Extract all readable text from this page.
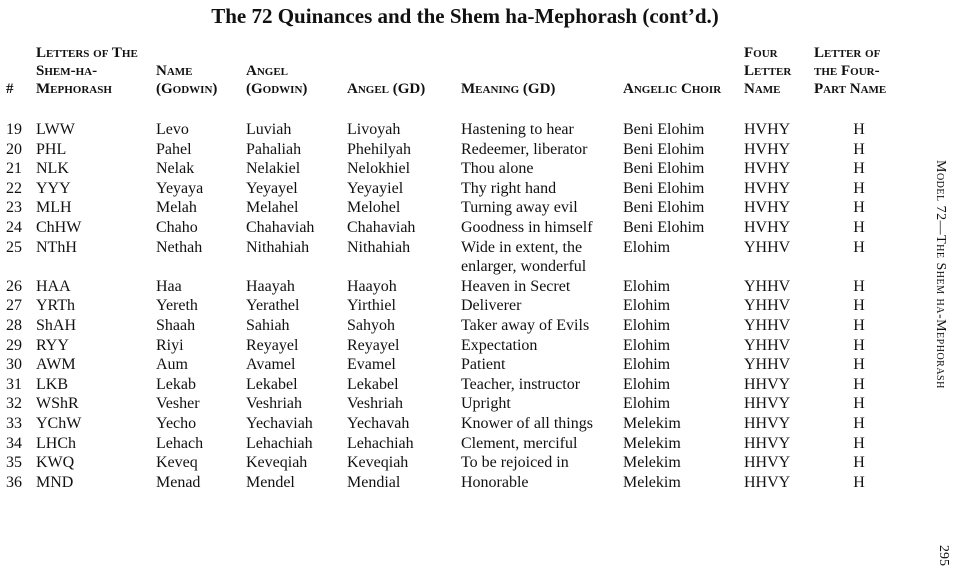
The 72 Quinances and the Shem ha-Mephorash (cont’d.)
#	Letters of The Shem-ha-Mephorash	Name (Godwin)	Angel (Godwin)	Angel (GD)	Meaning (GD)	Angelic Choir	Four Letter Name	Letter of the Four-Part Name
19	LWW	Levo	Luviah	Livoyah	Hastening to hear	Beni Elohim	HVHY	H
20	PHL	Pahel	Pahaliah	Phehilyah	Redeemer, liberator	Beni Elohim	HVHY	H
21	NLK	Nelak	Nelakiel	Nelokhiel	Thou alone	Beni Elohim	HVHY	H
22	YYY	Yeyaya	Yeyayel	Yeyayiel	Thy right hand	Beni Elohim	HVHY	H
23	MLH	Melah	Melahel	Melohel	Turning away evil	Beni Elohim	HVHY	H
24	ChHW	Chaho	Chahaviah	Chahaviah	Goodness in himself	Beni Elohim	HVHY	H
25	NThH	Nethah	Nithahiah	Nithahiah	Wide in extent, the enlarger, wonderful	Elohim	YHHV	H
26	HAA	Haa	Haayah	Haayoh	Heaven in Secret	Elohim	YHHV	H
27	YRTh	Yereth	Yerathel	Yirthiel	Deliverer	Elohim	YHHV	H
28	ShAH	Shaah	Sahiah	Sahyoh	Taker away of Evils	Elohim	YHHV	H
29	RYY	Riyi	Reyayel	Reyayel	Expectation	Elohim	YHHV	H
30	AWM	Aum	Avamel	Evamel	Patient	Elohim	YHHV	H
31	LKB	Lekab	Lekabel	Lekabel	Teacher, instructor	Elohim	HHVY	H
32	WShR	Vesher	Veshriah	Veshriah	Upright	Elohim	HHVY	H
33	YChW	Yecho	Yechaviah	Yechavah	Knower of all things	Melekim	HHVY	H
34	LHCh	Lehach	Lehachiah	Lehachiah	Clement, merciful	Melekim	HHVY	H
35	KWQ	Keveq	Keveqiah	Keveqiah	To be rejoiced in	Melekim	HHVY	H
36	MND	Menad	Mendel	Mendial	Honorable	Melekim	HHVY	H
Model 72—The Shem ha-Mephorash
295
